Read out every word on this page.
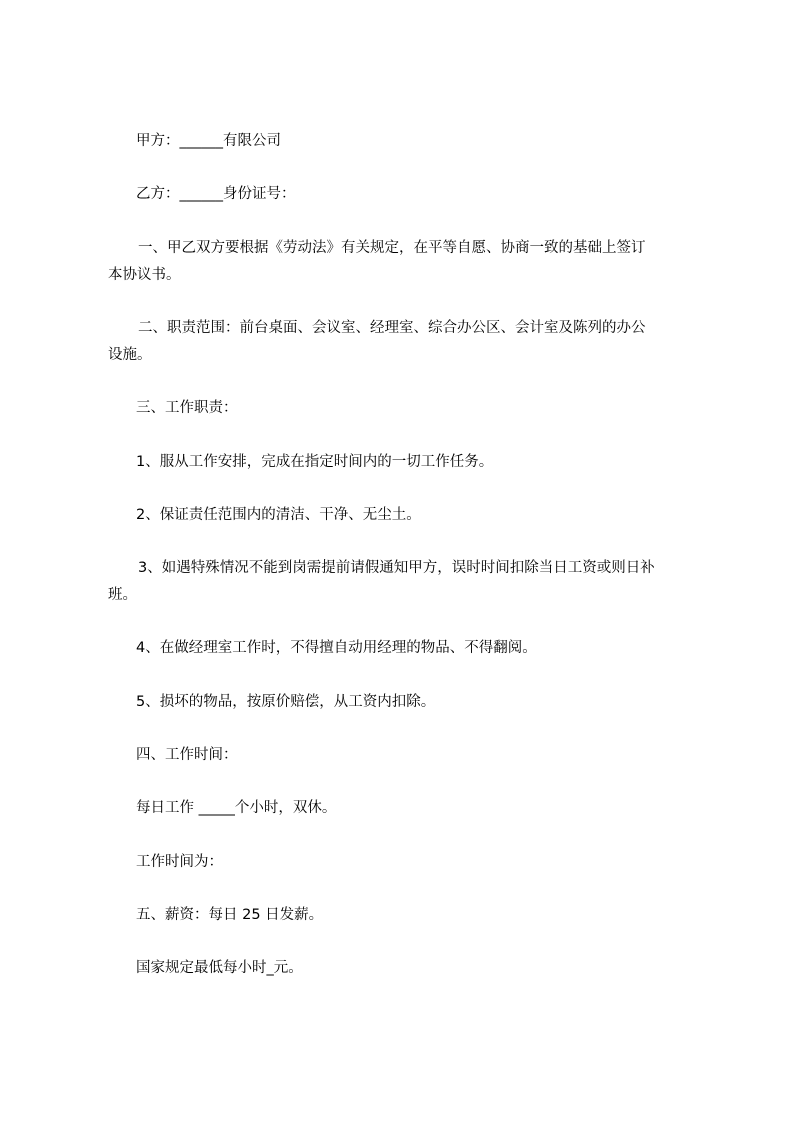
甲方：______有限公司
乙方：______身份证号：
一、甲乙双方要根据《劳动法》有关规定，在平等自愿、协商一致的基础上签订
本协议书。
二、职责范围：前台桌面、会议室、经理室、综合办公区、会计室及陈列的办公
设施。
三、工作职责：
1、服从工作安排，完成在指定时间内的一切工作任务。
2、保证责任范围内的清洁、干净、无尘土。
3、如遇特殊情况不能到岗需提前请假通知甲方，误时时间扣除当日工资或则日补
班。
4、在做经理室工作时，不得擅自动用经理的物品、不得翻阅。
5、损坏的物品，按原价赔偿，从工资内扣除。
四、工作时间：
每日工作 _____个小时，双休。
工作时间为：
五、薪资：每日 25 日发薪。
国家规定最低每小时_元。
